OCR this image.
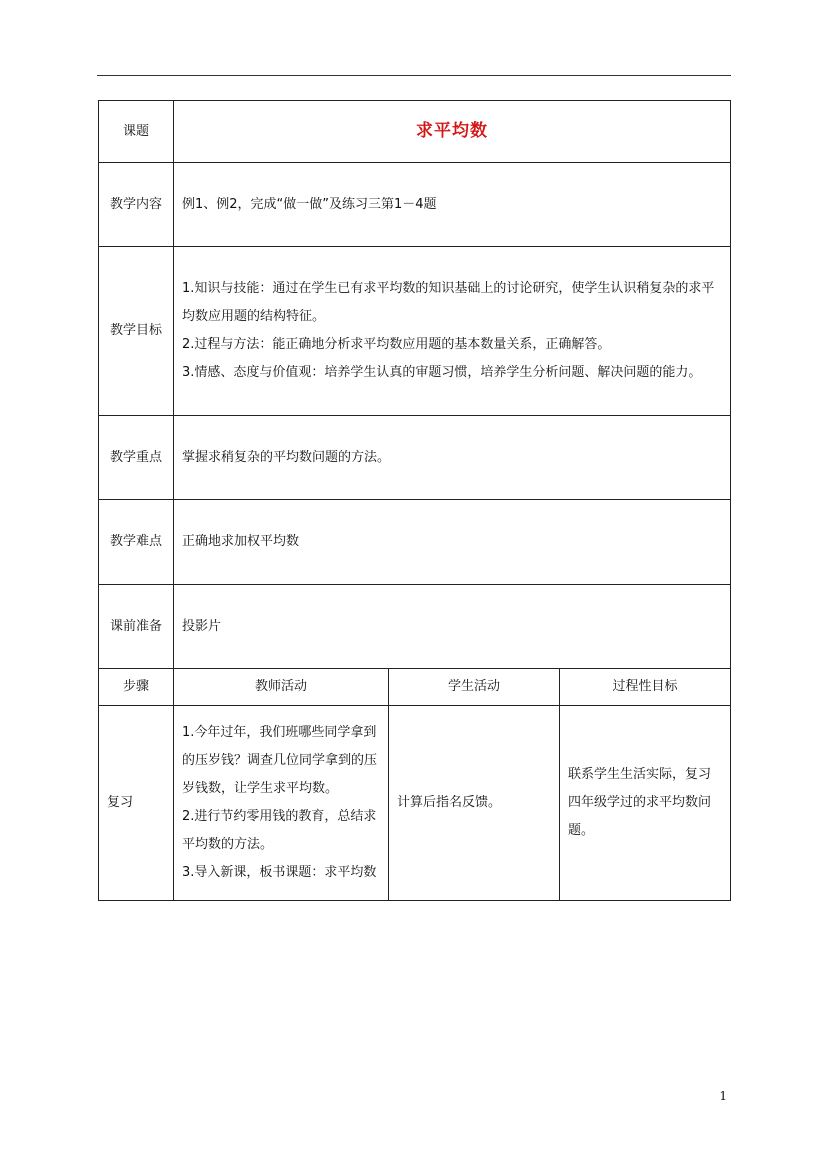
课题	求平均数		
教学内容	例1、例2，完成“做一做”及练习三第1－4题		
教学目标	1.知识与技能：通过在学生已有求平均数的知识基础上的讨论研究，使学生认识稍复杂的求平均数应用题的结构特征。
2.过程与方法：能正确地分析求平均数应用题的基本数量关系，正确解答。
3.情感、态度与价值观：培养学生认真的审题习惯，培养学生分析问题、解决问题的能力。		

教学重点	掌握求稍复杂的平均数问题的方法。		
教学难点	正确地求加权平均数		
课前准备	投影片		
步骤	教师活动	学生活动	过程性目标
复习	1.今年过年，我们班哪些同学拿到的压岁钱？调查几位同学拿到的压岁钱数，让学生求平均数。
2.进行节约零用钱的教育，总结求平均数的方法。
3.导入新课，板书课题：求平均数	计算后指名反馈。	联系学生生活实际，复习四年级学过的求平均数问题。
1
